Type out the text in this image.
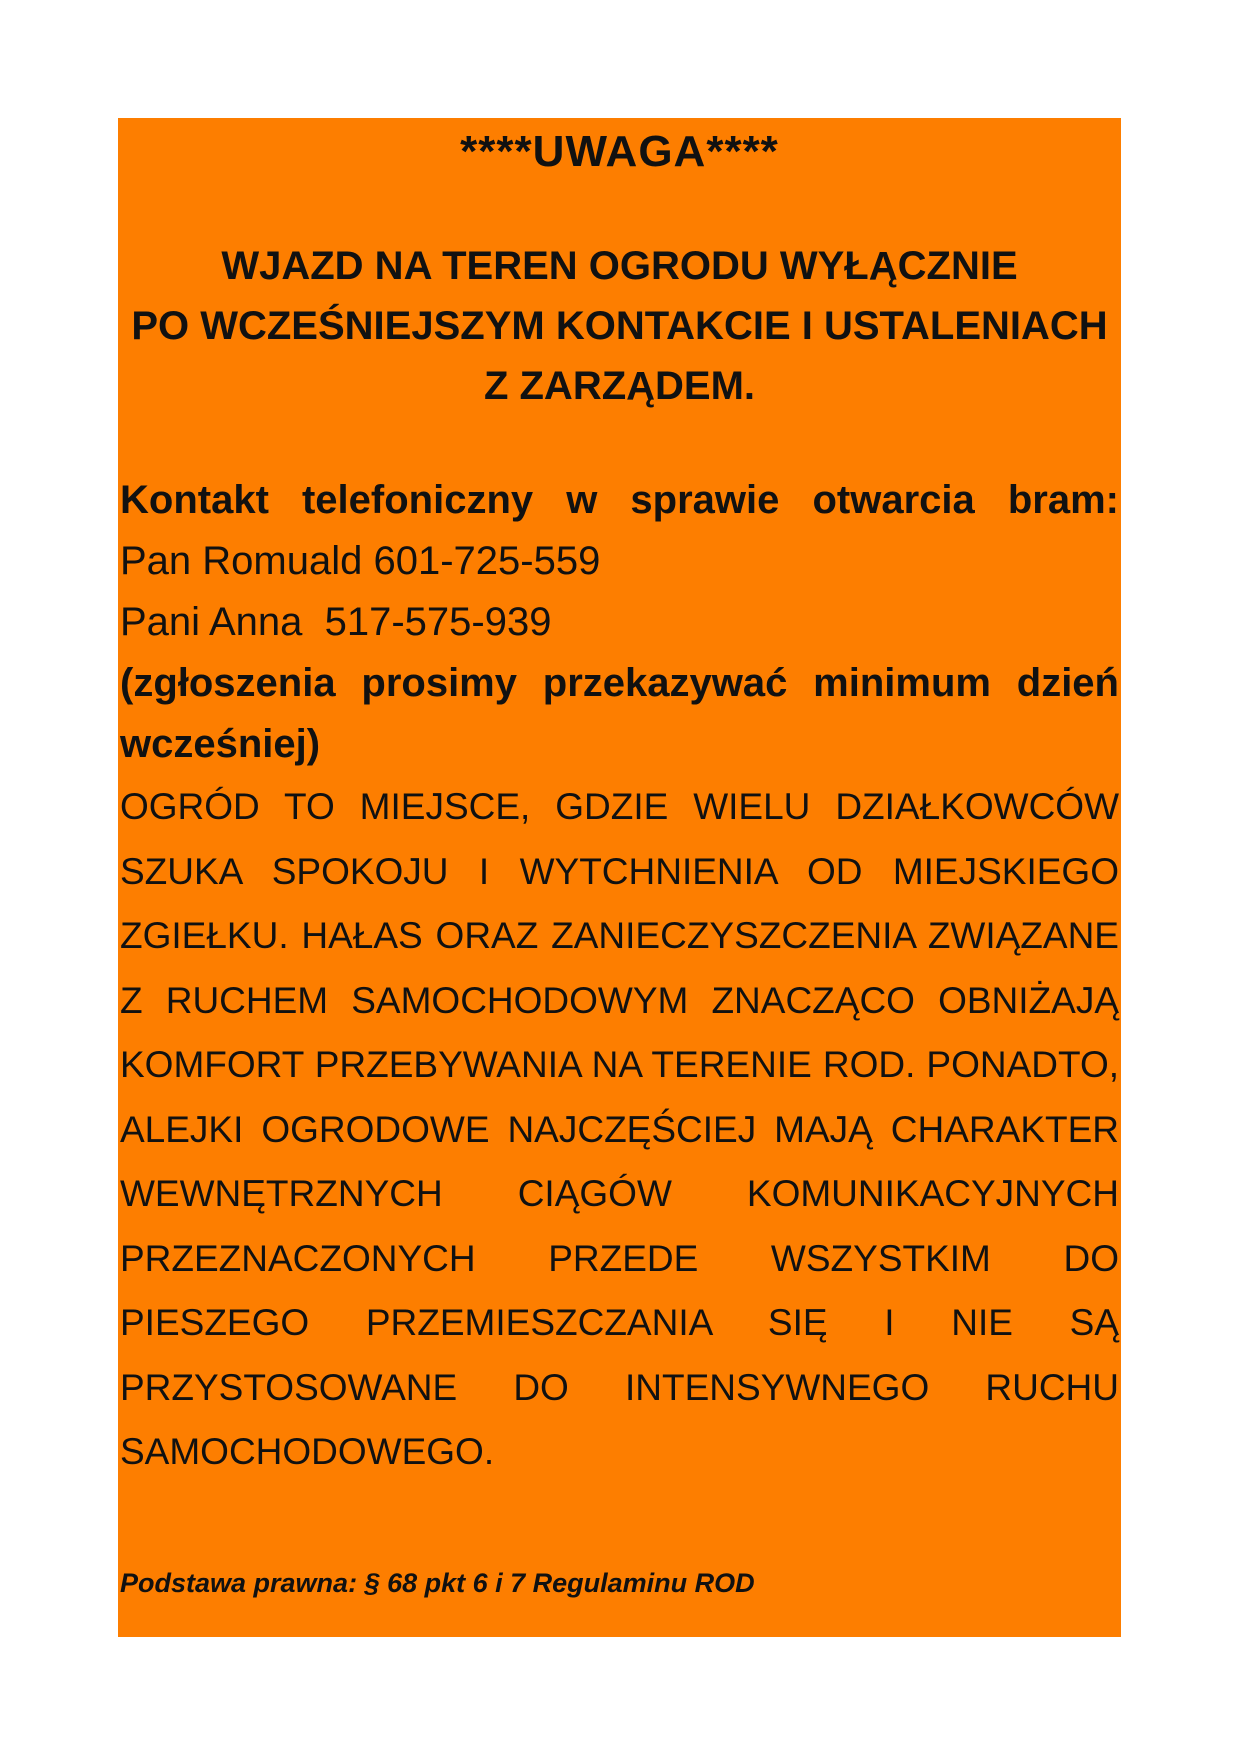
****UWAGA****
WJAZD NA TEREN OGRODU WYŁĄCZNIE
PO WCZEŚNIEJSZYM KONTAKCIE I USTALENIACH
Z ZARZĄDEM.
Kontakt telefoniczny w sprawie otwarcia bram:
Pan Romuald 601-725-559
Pani Anna  517-575-939
(zgłoszenia prosimy przekazywać minimum dzień wcześniej)

OGRÓD TO MIEJSCE, GDZIE WIELU DZIAŁKOWCÓW SZUKA SPOKOJU I WYTCHNIENIA OD MIEJSKIEGO ZGIEŁKU. HAŁAS ORAZ ZANIECZYSZCZENIA ZWIĄZANE Z RUCHEM SAMOCHODOWYM ZNACZĄCO OBNIŻAJĄ KOMFORT PRZEBYWANIA NA TERENIE ROD. PONADTO, ALEJKI OGRODOWE NAJCZĘŚCIEJ MAJĄ CHARAKTER WEWNĘTRZNYCH CIĄGÓW KOMUNIKACYJNYCH PRZEZNACZONYCH PRZEDE WSZYSTKIM DO PIESZEGO PRZEMIESZCZANIA SIĘ I NIE SĄ PRZYSTOSOWANE DO INTENSYWNEGO RUCHU SAMOCHODOWEGO.

Podstawa prawna: § 68 pkt 6 i 7 Regulaminu ROD
